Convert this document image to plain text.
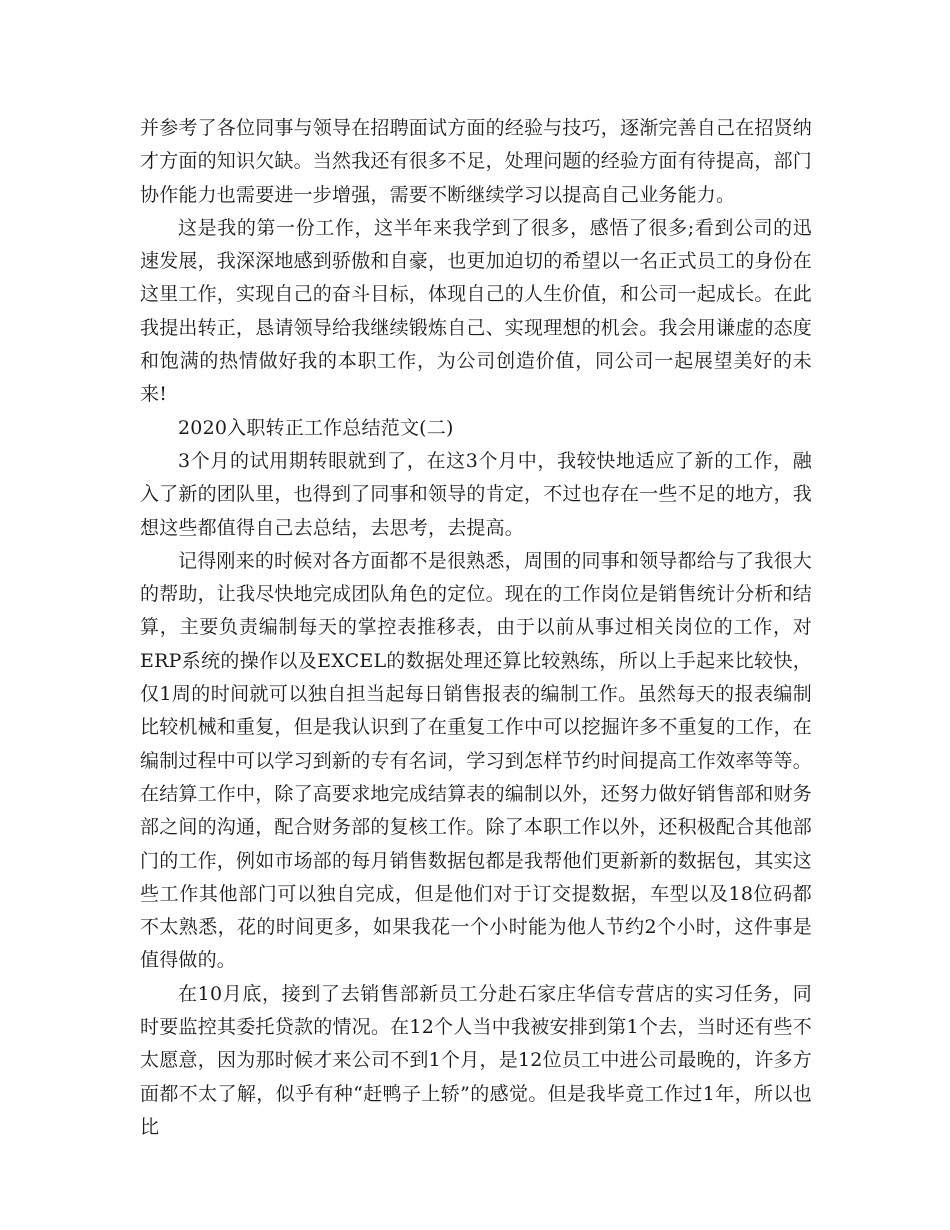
并参考了各位同事与领导在招聘面试方面的经验与技巧，逐渐完善自己在招贤纳才方面的知识欠缺。当然我还有很多不足，处理问题的经验方面有待提高，部门协作能力也需要进一步增强，需要不断继续学习以提高自己业务能力。

这是我的第一份工作，这半年来我学到了很多，感悟了很多;看到公司的迅速发展，我深深地感到骄傲和自豪，也更加迫切的希望以一名正式员工的身份在这里工作，实现自己的奋斗目标，体现自己的人生价值，和公司一起成长。在此我提出转正，恳请领导给我继续锻炼自己、实现理想的机会。我会用谦虚的态度和饱满的热情做好我的本职工作，为公司创造价值，同公司一起展望美好的未来!

2020入职转正工作总结范文(二)

3个月的试用期转眼就到了，在这3个月中，我较快地适应了新的工作，融入了新的团队里，也得到了同事和领导的肯定，不过也存在一些不足的地方，我想这些都值得自己去总结，去思考，去提高。

记得刚来的时候对各方面都不是很熟悉，周围的同事和领导都给与了我很大的帮助，让我尽快地完成团队角色的定位。现在的工作岗位是销售统计分析和结算，主要负责编制每天的掌控表推移表，由于以前从事过相关岗位的工作，对ERP系统的操作以及EXCEL的数据处理还算比较熟练，所以上手起来比较快，仅1周的时间就可以独自担当起每日销售报表的编制工作。虽然每天的报表编制比较机械和重复，但是我认识到了在重复工作中可以挖掘许多不重复的工作，在编制过程中可以学习到新的专有名词，学习到怎样节约时间提高工作效率等等。在结算工作中，除了高要求地完成结算表的编制以外，还努力做好销售部和财务部之间的沟通，配合财务部的复核工作。除了本职工作以外，还积极配合其他部门的工作，例如市场部的每月销售数据包都是我帮他们更新新的数据包，其实这些工作其他部门可以独自完成，但是他们对于订交提数据，车型以及18位码都不太熟悉，花的时间更多，如果我花一个小时能为他人节约2个小时，这件事是值得做的。

在10月底，接到了去销售部新员工分赴石家庄华信专营店的实习任务，同时要监控其委托贷款的情况。在12个人当中我被安排到第1个去，当时还有些不太愿意，因为那时候才来公司不到1个月，是12位员工中进公司最晚的，许多方面都不太了解，似乎有种“赶鸭子上轿”的感觉。但是我毕竟工作过1年，所以也比
